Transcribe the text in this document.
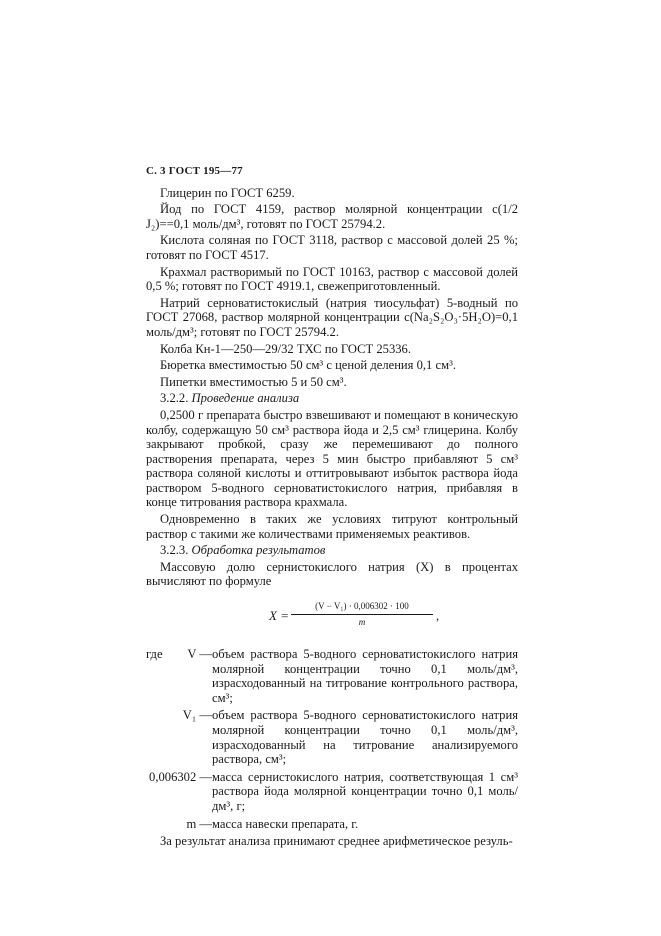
С. 3 ГОСТ 195—77

Глицерин по ГОСТ 6259.

Йод по ГОСТ 4159, раствор молярной концентрации c(1/2 J₂)==0,1 моль/дм³, готовят по ГОСТ 25794.2.

Кислота соляная по ГОСТ 3118, раствор с массовой долей 25 %; готовят по ГОСТ 4517.

Крахмал растворимый по ГОСТ 10163, раствор с массовой долей 0,5 %; готовят по ГОСТ 4919.1, свежеприготовленный.

Натрий серноватистокислый (натрия тиосульфат) 5-водный по ГОСТ 27068, раствор молярной концентрации c(Na₂S₂O₃·5H₂O)=0,1 моль/дм³; готовят по ГОСТ 25794.2.

Колба Кн-1—250—29/32 ТХС по ГОСТ 25336.

Бюретка вместимостью 50 см³ с ценой деления 0,1 см³.

Пипетки вместимостью 5 и 50 см³.

3.2.2. Проведение анализа

0,2500 г препарата быстро взвешивают и помещают в коническую колбу, содержащую 50 см³ раствора йода и 2,5 см³ глицерина. Колбу закрывают пробкой, сразу же перемешивают до полного растворения препарата, через 5 мин быстро прибавляют 5 см³ раствора соляной кислоты и оттитровывают избыток раствора йода раствором 5-водного серноватистокислого натрия, прибавляя в конце титрования раствора крахмала.

Одновременно в таких же условиях титруют контрольный раствор с такими же количествами применяемых реактивов.

3.2.3. Обработка результатов

Массовую долю сернистокислого натрия (X) в процентах вычисляют по формуле

X =
(V − V₁) · 0,006302 · 100
m	,
где	V — объем раствора 5-водного серноватистокислого натрия молярной концентрации точно 0,1 моль/дм³, израсходованный на титрование контрольного раствора, см³;
V₁ — объем раствора 5-водного серноватистокислого натрия молярной концентрации точно 0,1 моль/дм³, израсходованный на титрование анализируемого раствора, см³;
0,006302 — масса сернистокислого натрия, соответствующая 1 см³ раствора йода молярной концентрации точно 0,1 моль/дм³, г;
m — масса навески препарата, г.

За результат анализа принимают среднее арифметическое резуль-
